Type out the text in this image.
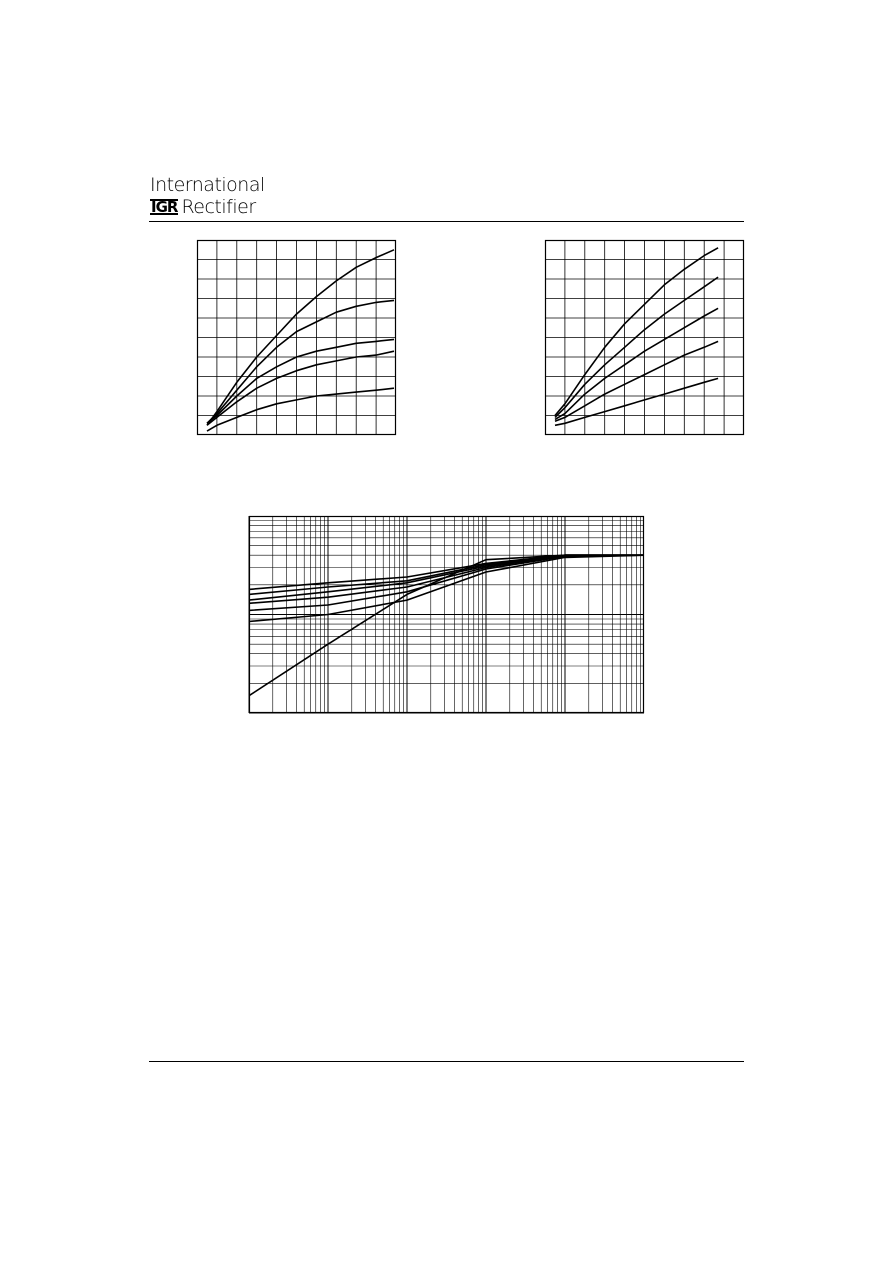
International
IGR Rectifier
